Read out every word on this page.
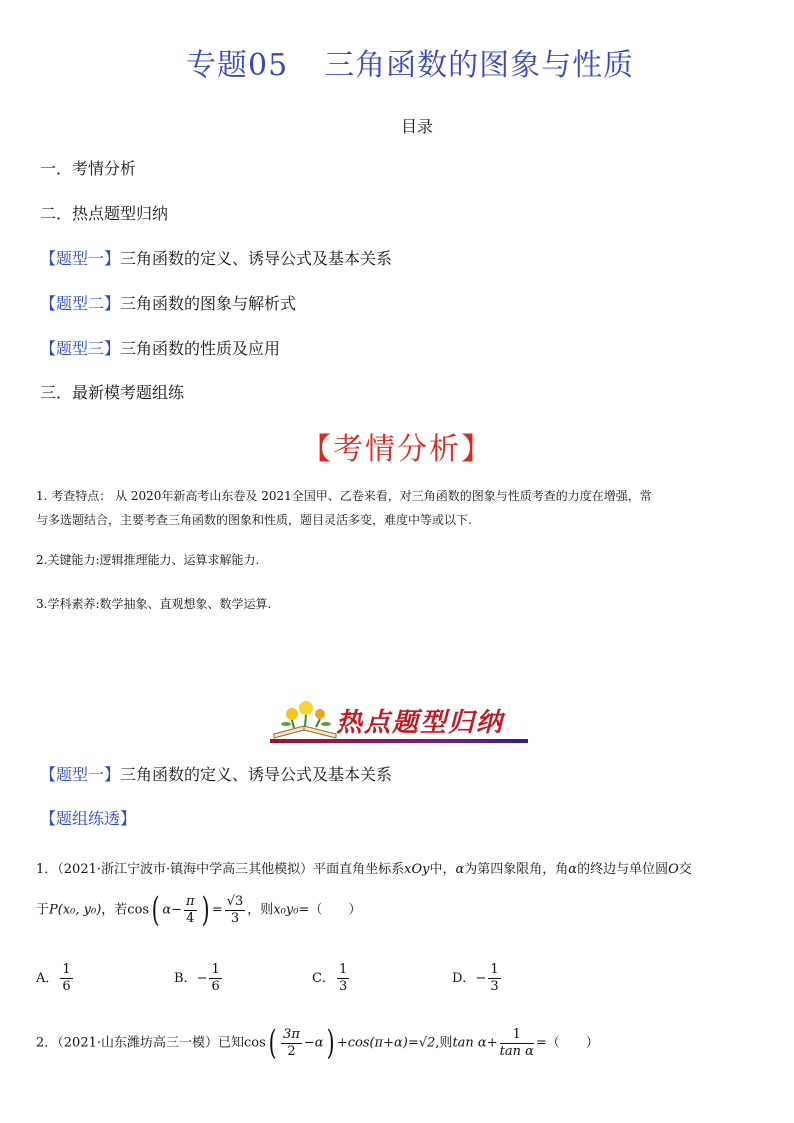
专题05 三角函数的图象与性质
目录
一．考情分析
二．热点题型归纳
【题型一】三角函数的定义、诱导公式及基本关系
【题型二】三角函数的图象与解析式
【题型三】三角函数的性质及应用
三．最新模考题组练
【考情分析】
1. 考查特点： 从 2020年新高考山东卷及 2021全国甲、乙卷来看，对三角函数的图象与性质考查的力度在增强，常
与多选题结合，主要考查三角函数的图象和性质，题目灵活多变，难度中等或以下.
2.关键能力:逻辑推理能力、运算求解能力.
3.学科素养:数学抽象、直观想象、数学运算.
热点题型归纳
【题型一】三角函数的定义、诱导公式及基本关系
【题组练透】
1．（2021·浙江宁波市·镇海中学高三其他模拟）平面直角坐标系xOy中，α为第四象限角，角α的终边与单位圆O交
于P(x₀, y₀)，若cos( $\alpha- \frac{\pi}{4}$ ) = $\frac{√3}{3}$ ，则x₀y₀=（　　）
A． $\frac{1}{6}$	B．− $\frac{1}{6}$	C． $\frac{1}{3}$	D．− $\frac{1}{3}$
2．（2021·山东潍坊高三一模）已知$\cos( \frac{3\pi}{2} -\alpha) +\cos(\pi+\alpha)=√2$,则$\tan \alpha+ \frac{1}{\text{tan α}}$ =（　　）
